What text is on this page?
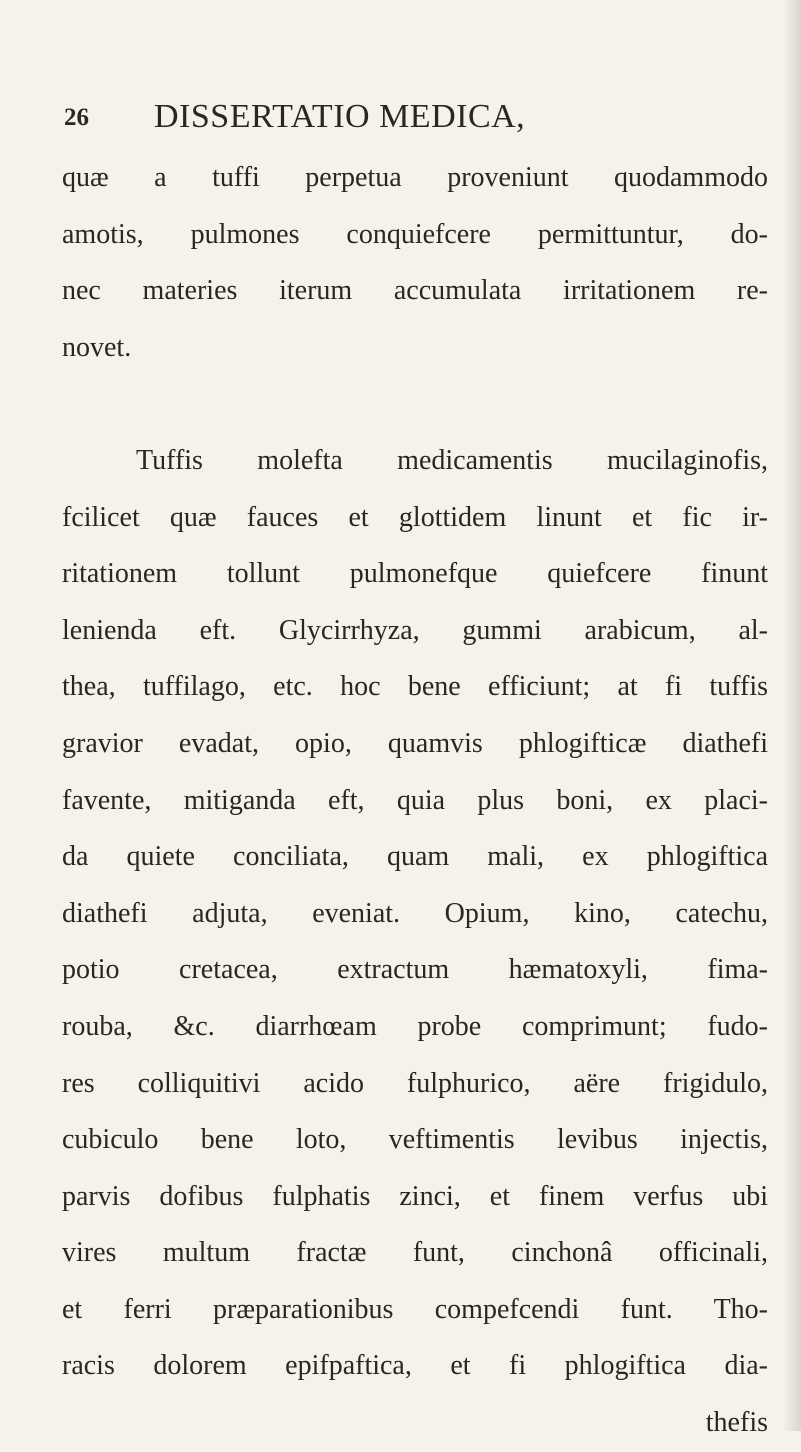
26 DISSERTATIO MEDICA,
quæ a tuffi perpetua proveniunt quodammodo
amotis, pulmones conquiefcere permittuntur, do-
nec materies iterum accumulata irritationem re-
novet.
Tuffis molefta medicamentis mucilaginofis,
fcilicet quæ fauces et glottidem linunt et fic ir-
ritationem tollunt pulmonefque quiefcere finunt
lenienda eft. Glycirrhyza, gummi arabicum, al-
thea, tuffilago, etc. hoc bene efficiunt; at fi tuffis
gravior evadat, opio, quamvis phlogifticæ diathefi
favente, mitiganda eft, quia plus boni, ex placi-
da quiete conciliata, quam mali, ex phlogiftica
diathefi adjuta, eveniat. Opium, kino, catechu,
potio cretacea, extractum hæmatoxyli, fima-
rouba, &c. diarrhœam probe comprimunt; fudo-
res colliquitivi acido fulphurico, aëre frigidulo,
cubiculo bene loto, veftimentis levibus injectis,
parvis dofibus fulphatis zinci, et finem verfus ubi
vires multum fractæ funt, cinchonâ officinali,
et ferri præparationibus compefcendi funt. Tho-
racis dolorem epifpaftica, et fi phlogiftica dia-
thefis
